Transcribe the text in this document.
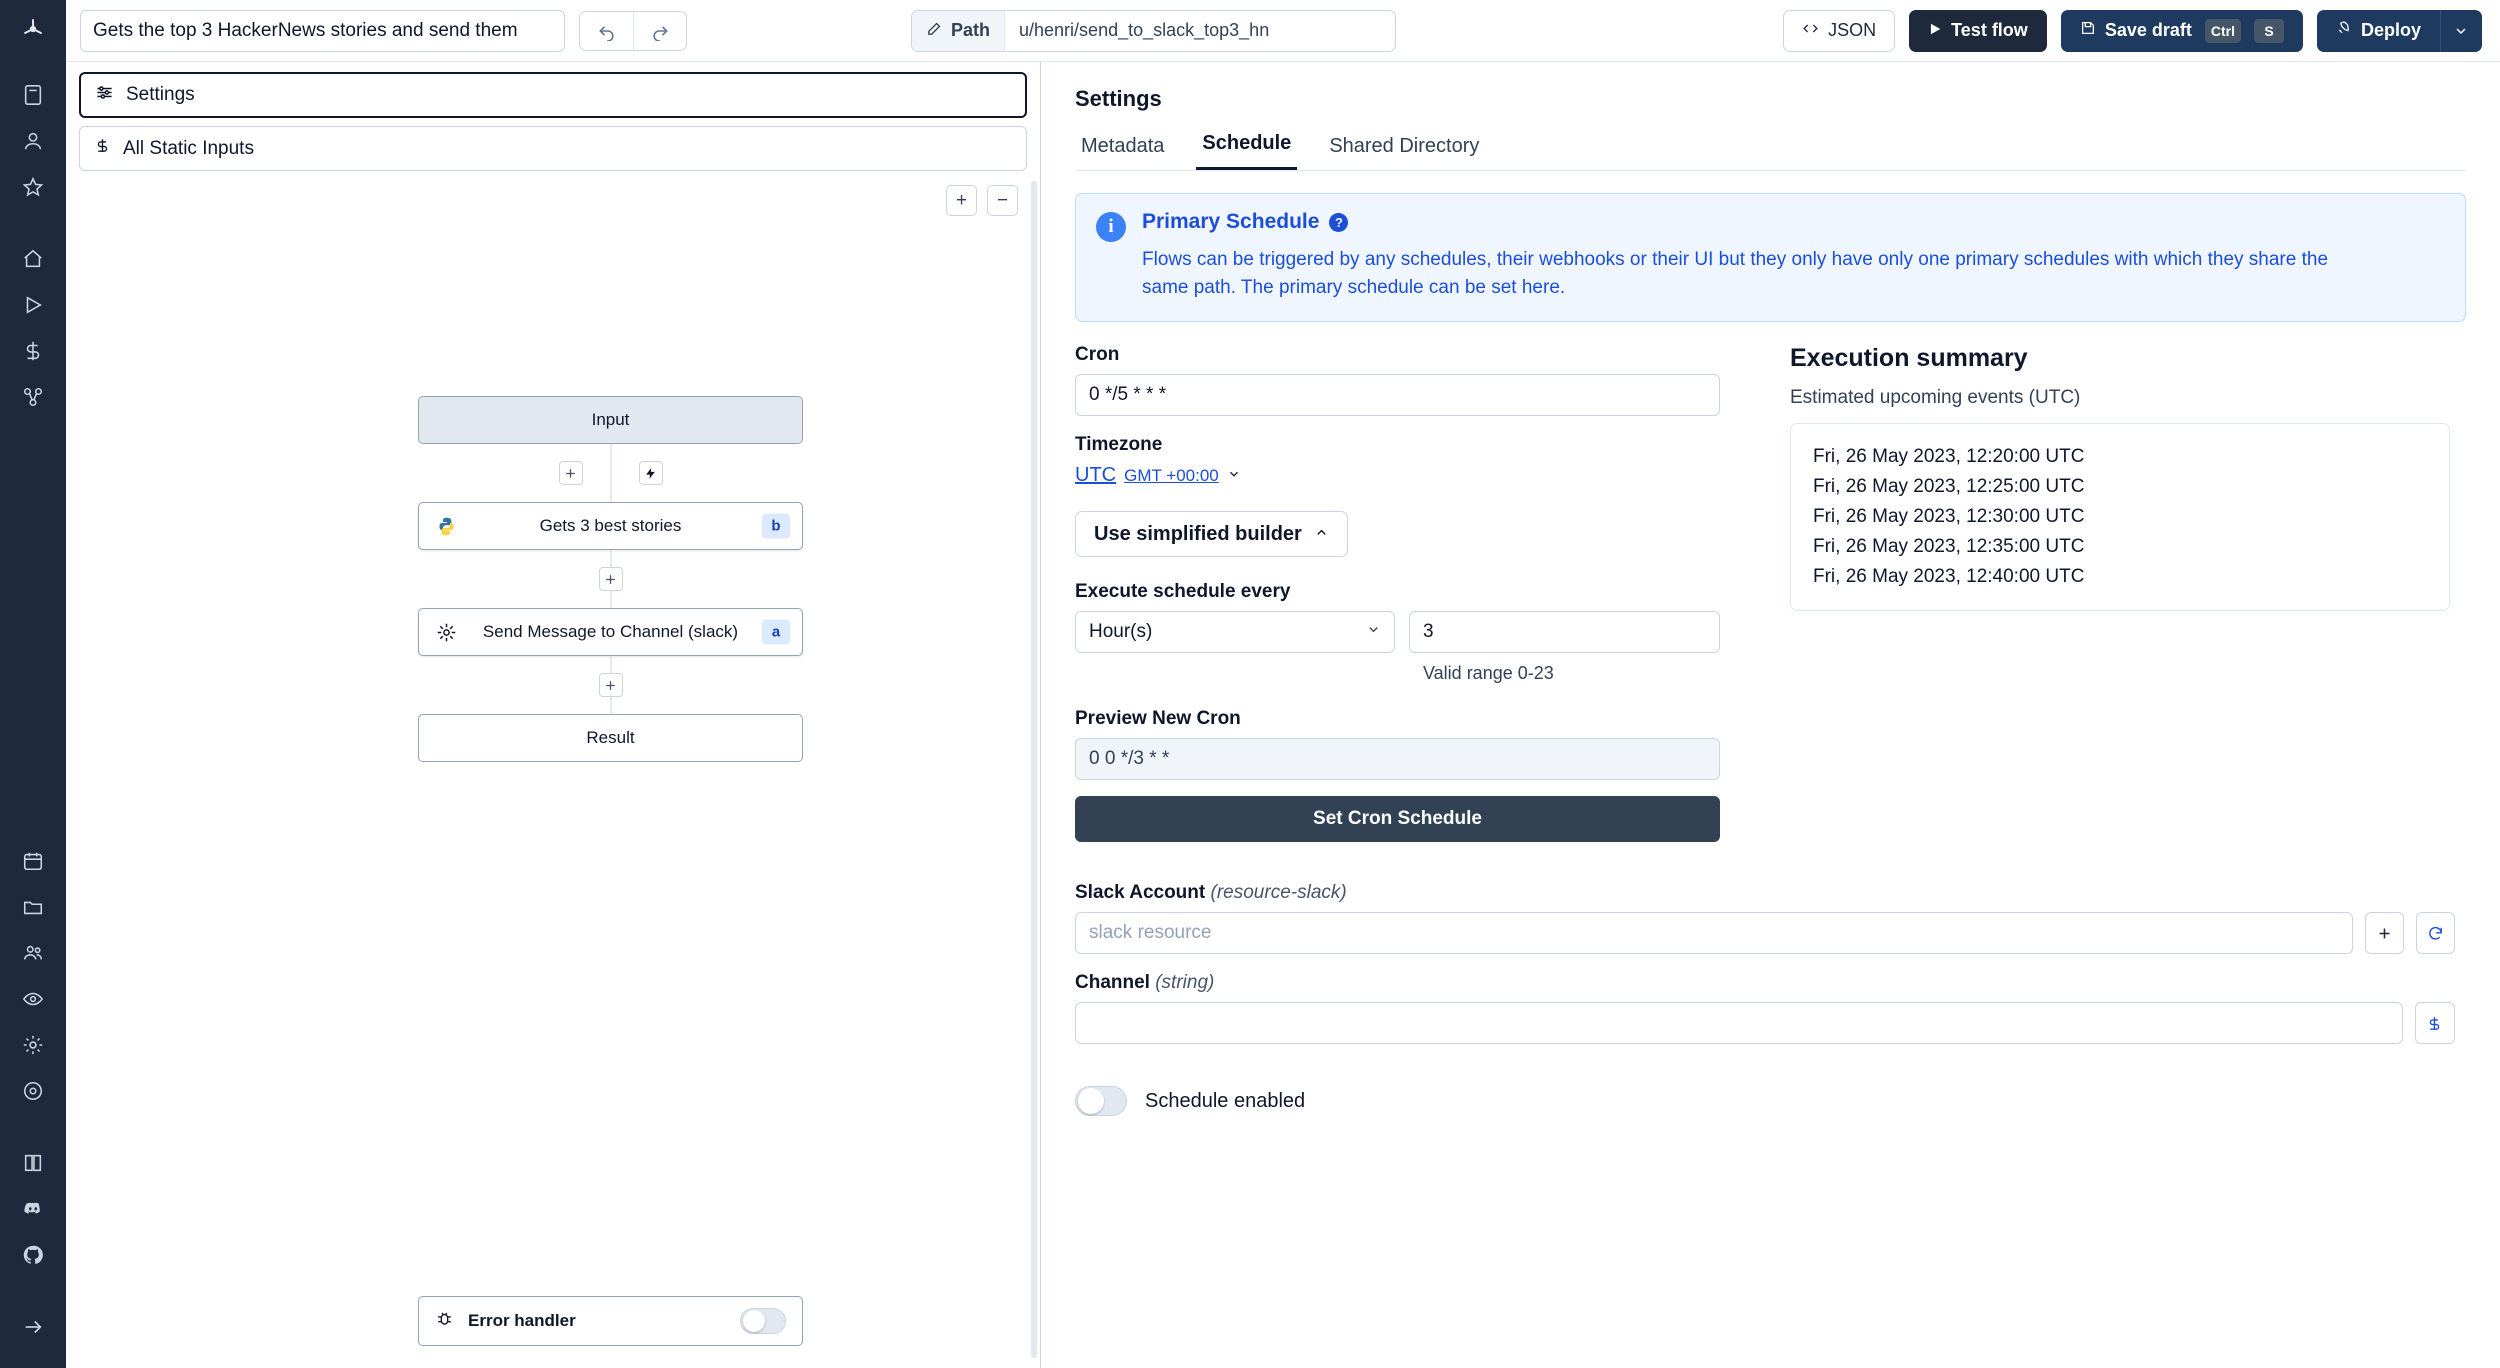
Gets the top 3 HackerNews stories and send them	Path	u/henri/send_to_slack_top3_hn	JSON	Test flow	Save draft	Ctrl	S	Deploy
Settings
All Static Inputs
+	−
Input
Gets 3 best stories	b
Send Message to Channel (slack)	a
Result
Error handler
Settings
Metadata	Schedule	Shared Directory
i	Primary Schedule	?
Flows can be triggered by any schedules, their webhooks or their UI but they only have only one primary schedules with which they share the same path. The primary schedule can be set here.
Cron
0 */5 * * *
Timezone
UTC GMT +00:00
Use simplified builder
Execute schedule every
Hour(s)	3
Valid range 0-23
Preview New Cron
0 0 */3 * *
Set Cron Schedule
Execution summary
Estimated upcoming events (UTC)
Fri, 26 May 2023, 12:20:00 UTC
Fri, 26 May 2023, 12:25:00 UTC
Fri, 26 May 2023, 12:30:00 UTC
Fri, 26 May 2023, 12:35:00 UTC
Fri, 26 May 2023, 12:40:00 UTC
Slack Account (resource-slack)
slack resource
Channel (string)
Schedule enabled
